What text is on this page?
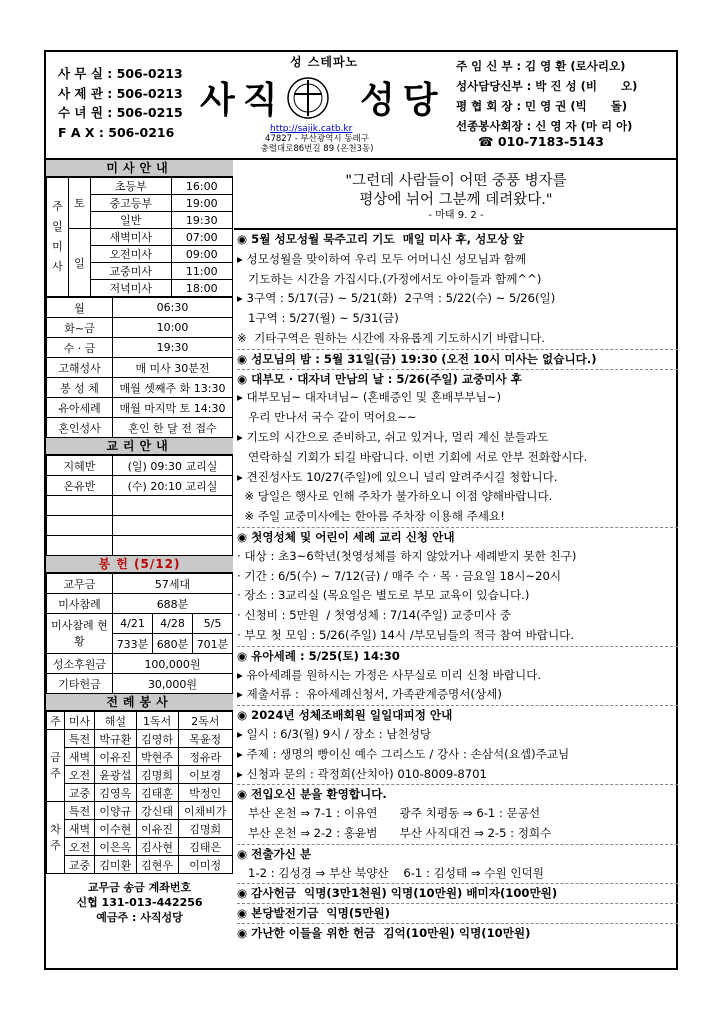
사 무 실 : 506-0213
사 제 관 : 506-0213
수 녀 원 : 506-0215
F A X : 506-0216
성 스테파노
사직 성당
http://sajik.catb.kr
47827 - 부산광역시 동래구
충렬대로86번길 89 (온천3동)
주 임 신 부 : 김 영 환 (로사리오)
성사담당신부 : 박 진 성 (비      오)
평 협 회 장 : 민 영 권 (빅      돌)
선종봉사회장 : 신 영 자 (마 리 아)
☎ 010-7183-5143
미사안내
주
일
미
사	토	초등부	16:00
		중고등부	19:00
		일반	19:30
	일	새벽미사	07:00
		오전미사	09:00
		교중미사	11:00
		저녁미사	18:00
월	06:30
화~금	10:00
수 · 금	19:30
고해성사	매 미사 30분전
봉 성 체	매월 셋째주 화 13:30
유아세례	매월 마지막 토 14:30
혼인성사	혼인 한 달 전 접수
교리안내
지혜반	(일) 09:30 교리실
온유반	(수) 20:10 교리실

봉 헌 (5/12)
교무금	57세대		
미사참례	688분		
미사참례 현황	4/21	4/28	5/5
	733분	680분	701분
성소후원금	100,000원		
기타헌금	30,000원		
전례봉사
주	미사	해설	1독서	2독서
금주	특전	박규환	김영하	목윤정
	새벽	이유진	박현주	정유라
	오전	윤광섭	김명희	이보경
	교중	김영옥	김태훈	박정인
차주	특전	이양규	강신태	이채비가
	새벽	이수현	이유진	김명희
	오전	이은옥	김사현	김태은
	교중	김미환	김현우	이미정
교무금 송금 계좌번호
신협 131-013-442256
예금주 : 사직성당
"그런데 사람들이 어떤 중풍 병자를
평상에 뉘어 그분께 데려왔다."
- 마태 9. 2 -
◉ 5월 성모성월 묵주고리 기도  매일 미사 후, 성모상 앞
▸ 성모성월을 맞이하여 우리 모두 어머니신 성모님과 함께
기도하는 시간을 가집시다.(가정에서도 아이들과 함께^^)
▸ 3구역 : 5/17(금) ~ 5/21(화)  2구역 : 5/22(수) ~ 5/26(일)
1구역 : 5/27(월) ~ 5/31(금)
※  기타구역은 원하는 시간에 자유롭게 기도하시기 바랍니다.
◉ 성모님의 밤 : 5월 31일(금) 19:30 (오전 10시 미사는 없습니다.)
◉ 대부모 · 대자녀 만남의 날 : 5/26(주일) 교중미사 후
▸ 대부모님~ 대자녀님~ (혼배증인 및 혼배부부님~)
우리 만나서 국수 같이 먹어요~~
▸ 기도의 시간으로 준비하고, 쉬고 있거나, 멀리 계신 분들과도
연락하실 기회가 되길 바랍니다. 이번 기회에 서로 안부 전화합시다.
▸ 견진성사도 10/27(주일)에 있으니 널리 알려주시길 청합니다.
※ 당일은 행사로 인해 주차가 불가하오니 이점 양해바랍니다.
※ 주일 교중미사에는 한아름 주차장 이용해 주세요!
◉ 첫영성체 및 어린이 세례 교리 신청 안내
· 대상 : 초3~6학년(첫영성체를 하지 않았거나 세례받지 못한 친구)
· 기간 : 6/5(수) ~ 7/12(금) / 매주 수 · 목 · 금요일 18시~20시
· 장소 : 3교리실 (목요일은 별도로 부모 교육이 있습니다.)
· 신청비 : 5만원  / 첫영성체 : 7/14(주일) 교중미사 중
· 부모 첫 모임 : 5/26(주일) 14시 /부모님들의 적극 참여 바랍니다.
◉ 유아세례 : 5/25(토) 14:30
▸ 유아세례를 원하시는 가정은 사무실로 미리 신청 바랍니다.
▸ 제출서류 :  유아세례신청서, 가족관계증명서(상세)
◉ 2024년 성체조배회원 일일대피정 안내
▸ 일시 : 6/3(월) 9시 / 장소 : 남천성당
▸ 주제 : 생명의 빵이신 예수 그리스도 / 강사 : 손삼석(요셉)주교님
▸ 신청과 문의 : 곽정희(산치아) 010-8009-8701
◉ 전입오신 분을 환영합니다.
부산 온천 ⇒ 7-1 : 이유연      광주 치평동 ⇒ 6-1 : 문공선
부산 온천 ⇒ 2-2 : 홍윤범      부산 사직대건 ⇒ 2-5 : 정희수
◉ 전출가신 분
1-2 : 김성경 ⇒ 부산 북양산    6-1 : 김성태 ⇒ 수원 인덕원
◉ 감사헌금  익명(3만1천원) 익명(10만원) 배미자(100만원)
◉ 본당발전기금  익명(5만원)
◉ 가난한 이들을 위한 헌금  김억(10만원) 익명(10만원)
